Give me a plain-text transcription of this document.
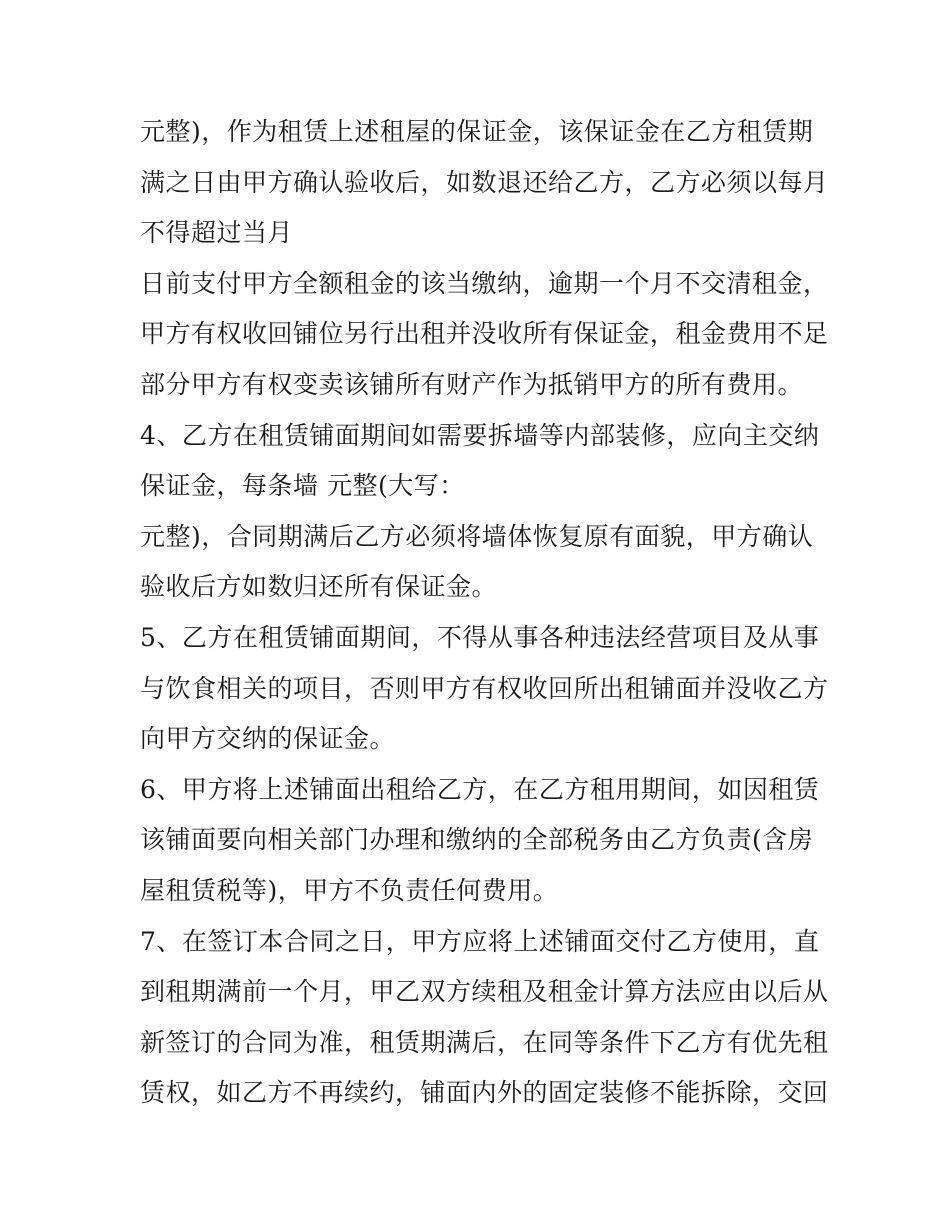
元整)，作为租赁上述租屋的保证金，该保证金在乙方租赁期
满之日由甲方确认验收后，如数退还给乙方，乙方必须以每月
不得超过当月
日前支付甲方全额租金的该当缴纳，逾期一个月不交清租金，
甲方有权收回铺位另行出租并没收所有保证金，租金费用不足
部分甲方有权变卖该铺所有财产作为抵销甲方的所有费用。
4、乙方在租赁铺面期间如需要拆墙等内部装修，应向主交纳
保证金，每条墙 元整(大写：
元整)，合同期满后乙方必须将墙体恢复原有面貌，甲方确认
验收后方如数归还所有保证金。
5、乙方在租赁铺面期间，不得从事各种违法经营项目及从事
与饮食相关的项目，否则甲方有权收回所出租铺面并没收乙方
向甲方交纳的保证金。
6、甲方将上述铺面出租给乙方，在乙方租用期间，如因租赁
该铺面要向相关部门办理和缴纳的全部税务由乙方负责(含房
屋租赁税等)，甲方不负责任何费用。
7、在签订本合同之日，甲方应将上述铺面交付乙方使用，直
到租期满前一个月，甲乙双方续租及租金计算方法应由以后从
新签订的合同为准，租赁期满后，在同等条件下乙方有优先租
赁权，如乙方不再续约，铺面内外的固定装修不能拆除，交回
